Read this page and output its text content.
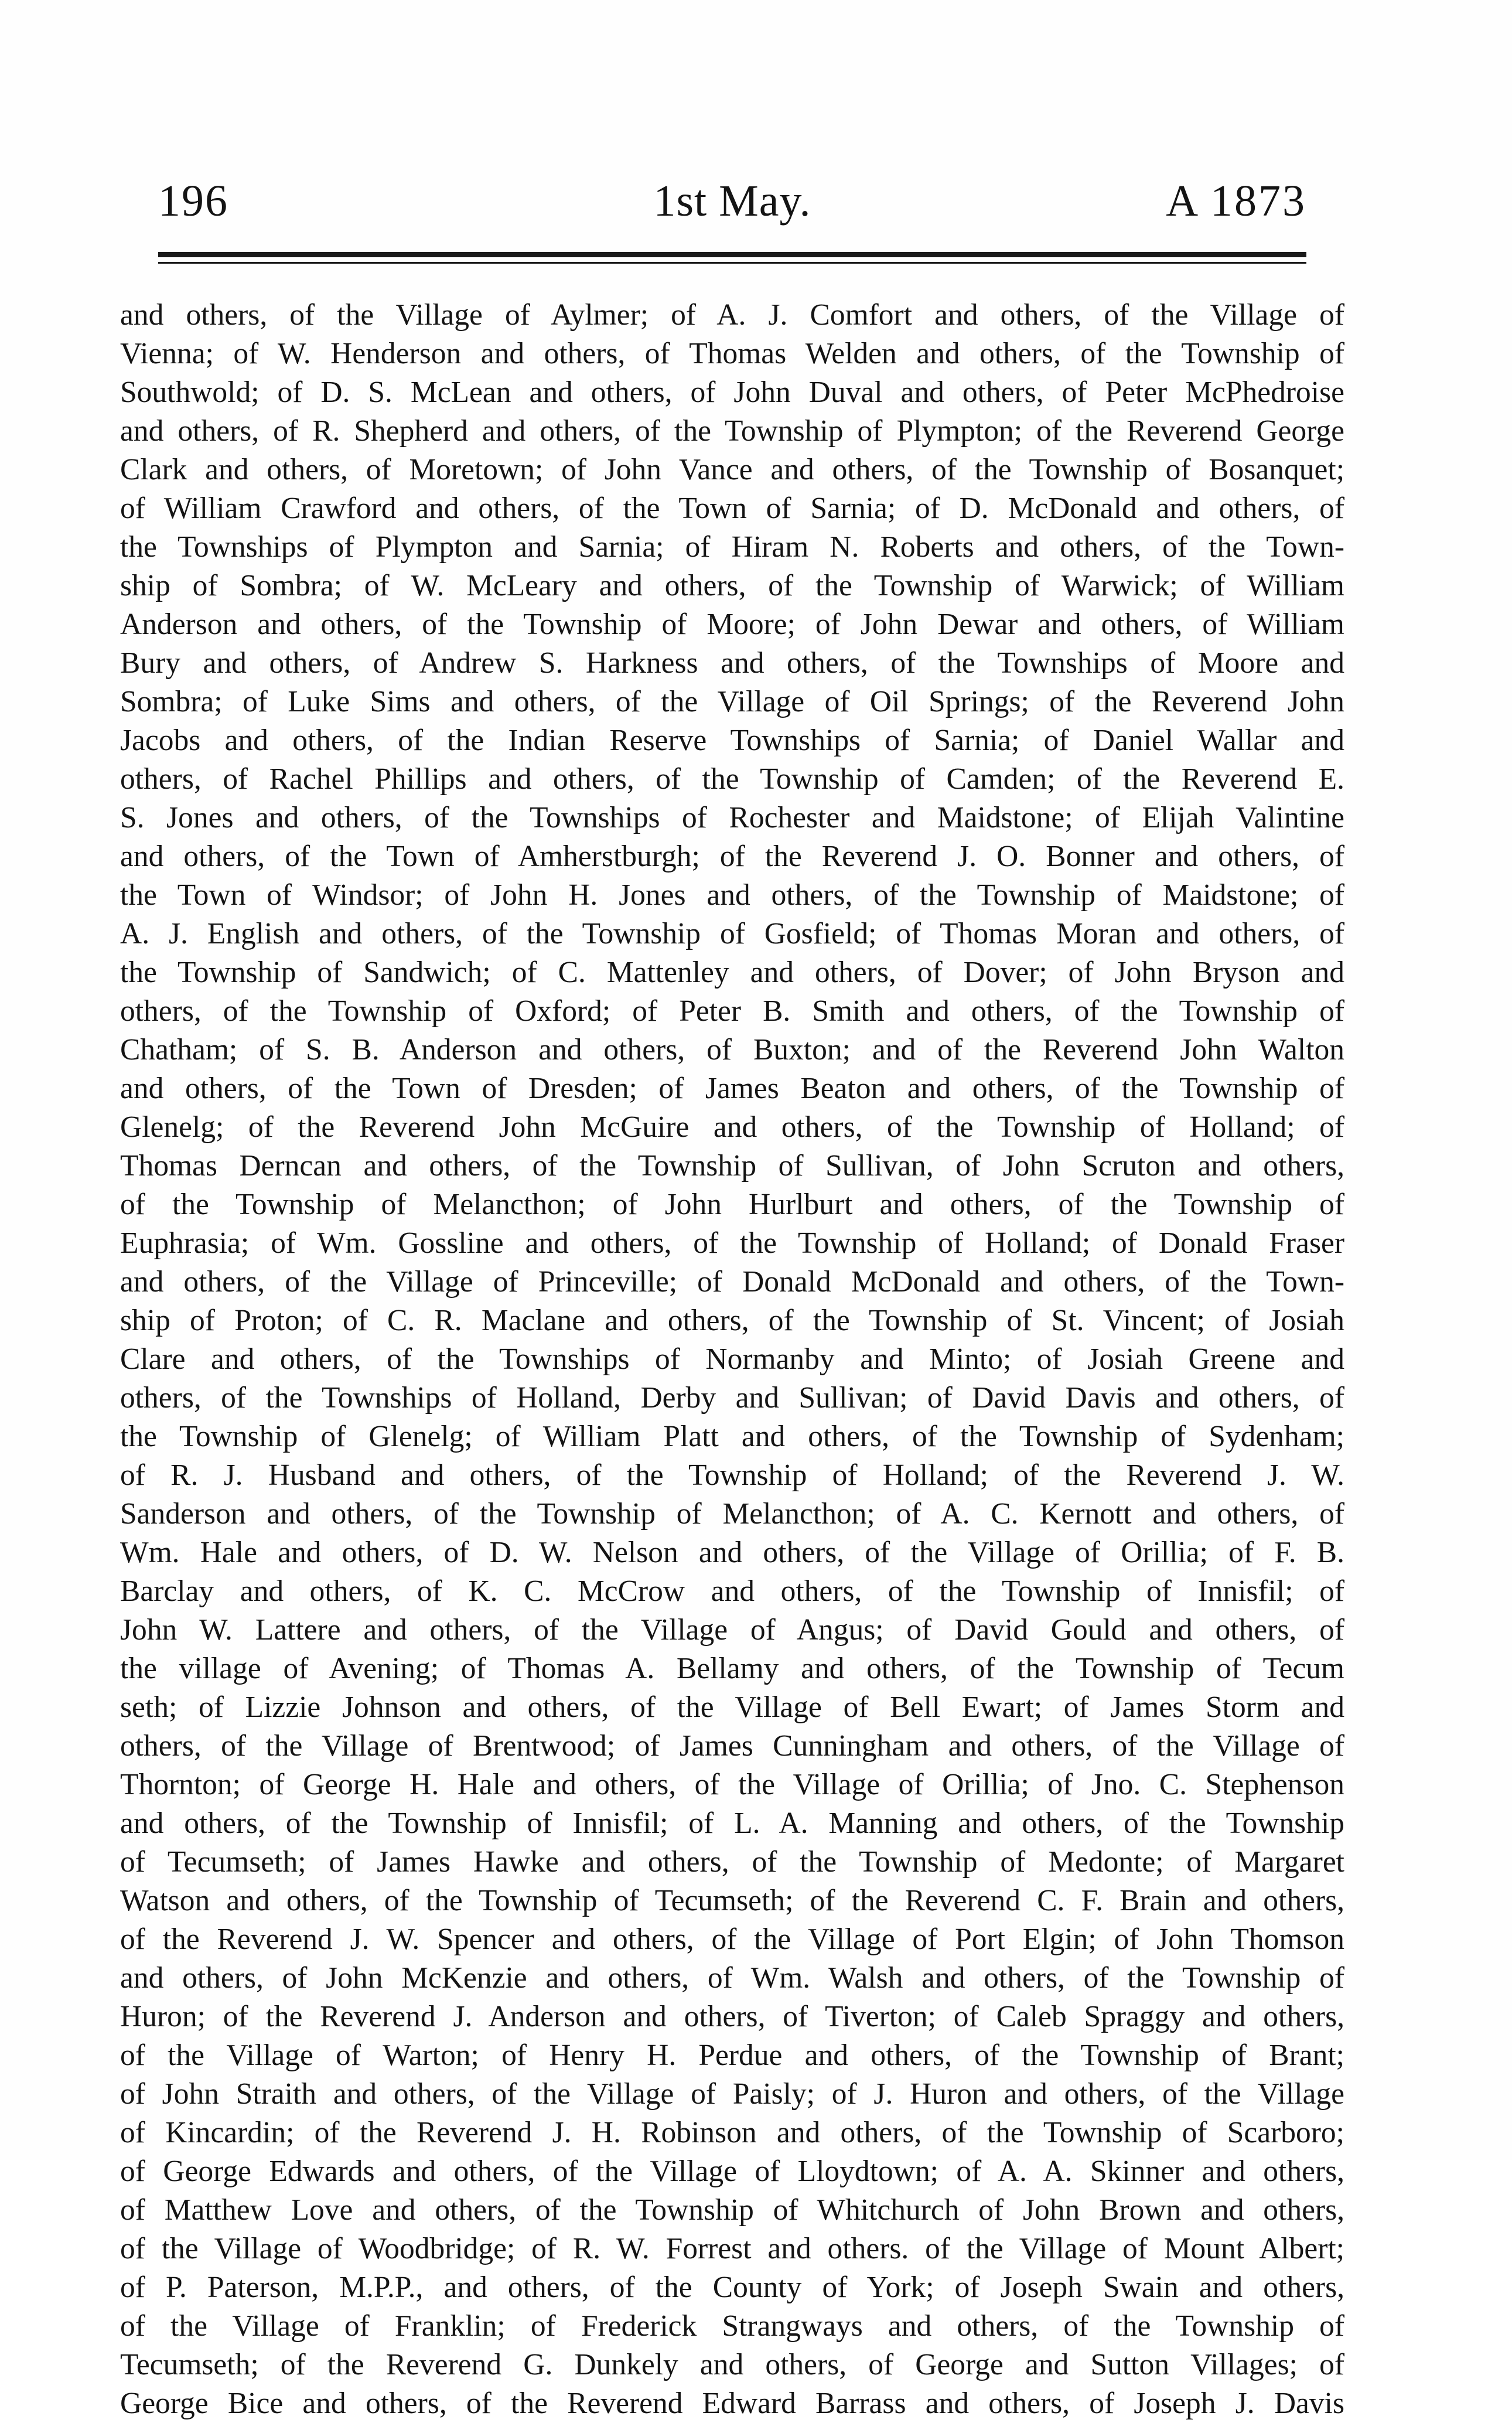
196	1st May.	A 1873
and others, of the Village of Aylmer; of A. J. Comfort and others, of the Village of
Vienna; of W. Henderson and others, of Thomas Welden and others, of the Township of
Southwold; of D. S. McLean and others, of John Duval and others, of Peter McPhedroise
and others, of R. Shepherd and others, of the Township of Plympton; of the Reverend George
Clark and others, of Moretown; of John Vance and others, of the Township of Bosanquet;
of William Crawford and others, of the Town of Sarnia; of D. McDonald and others, of
the Townships of Plympton and Sarnia; of Hiram N. Roberts and others, of the Town-
ship of Sombra; of W. McLeary and others, of the Township of Warwick; of William
Anderson and others, of the Township of Moore; of John Dewar and others, of William
Bury and others, of Andrew S. Harkness and others, of the Townships of Moore and
Sombra; of Luke Sims and others, of the Village of Oil Springs; of the Reverend John
Jacobs and others, of the Indian Reserve Townships of Sarnia; of Daniel Wallar and
others, of Rachel Phillips and others, of the Township of Camden; of the Reverend E.
S. Jones and others, of the Townships of Rochester and Maidstone; of Elijah Valintine
and others, of the Town of Amherstburgh; of the Reverend J. O. Bonner and others, of
the Town of Windsor; of John H. Jones and others, of the Township of Maidstone; of
A. J. English and others, of the Township of Gosfield; of Thomas Moran and others, of
the Township of Sandwich; of C. Mattenley and others, of Dover; of John Bryson and
others, of the Township of Oxford; of Peter B. Smith and others, of the Township of
Chatham; of S. B. Anderson and others, of Buxton; and of the Reverend John Walton
and others, of the Town of Dresden; of James Beaton and others, of the Township of
Glenelg; of the Reverend John McGuire and others, of the Township of Holland; of
Thomas Derncan and others, of the Township of Sullivan, of John Scruton and others,
of the Township of Melancthon; of John Hurlburt and others, of the Township of
Euphrasia; of Wm. Gossline and others, of the Township of Holland; of Donald Fraser
and others, of the Village of Princeville; of Donald McDonald and others, of the Town-
ship of Proton; of C. R. Maclane and others, of the Township of St. Vincent; of Josiah
Clare and others, of the Townships of Normanby and Minto; of Josiah Greene and
others, of the Townships of Holland, Derby and Sullivan; of David Davis and others, of
the Township of Glenelg; of William Platt and others, of the Township of Sydenham;
of R. J. Husband and others, of the Township of Holland; of the Reverend J. W.
Sanderson and others, of the Township of Melancthon; of A. C. Kernott and others, of
Wm. Hale and others, of D. W. Nelson and others, of the Village of Orillia; of F. B.
Barclay and others, of K. C. McCrow and others, of the Township of Innisfil; of
John W. Lattere and others, of the Village of Angus; of David Gould and others, of
the village of Avening; of Thomas A. Bellamy and others, of the Township of Tecum
seth; of Lizzie Johnson and others, of the Village of Bell Ewart; of James Storm and
others, of the Village of Brentwood; of James Cunningham and others, of the Village of
Thornton; of George H. Hale and others, of the Village of Orillia; of Jno. C. Stephenson
and others, of the Township of Innisfil; of L. A. Manning and others, of the Township
of Tecumseth; of James Hawke and others, of the Township of Medonte; of Margaret
Watson and others, of the Township of Tecumseth; of the Reverend C. F. Brain and others,
of the Reverend J. W. Spencer and others, of the Village of Port Elgin; of John Thomson
and others, of John McKenzie and others, of Wm. Walsh and others, of the Township of
Huron; of the Reverend J. Anderson and others, of Tiverton; of Caleb Spraggy and others,
of the Village of Warton; of Henry H. Perdue and others, of the Township of Brant;
of John Straith and others, of the Village of Paisly; of J. Huron and others, of the Village
of Kincardin; of the Reverend J. H. Robinson and others, of the Township of Scarboro;
of George Edwards and others, of the Village of Lloydtown; of A. A. Skinner and others,
of Matthew Love and others, of the Township of Whitchurch of John Brown and others,
of the Village of Woodbridge; of R. W. Forrest and others. of the Village of Mount Albert;
of P. Paterson, M.P.P., and others, of the County of York; of Joseph Swain and others,
of the Village of Franklin; of Frederick Strangways and others, of the Township of
Tecumseth; of the Reverend G. Dunkely and others, of George and Sutton Villages; of
George Bice and others, of the Reverend Edward Barrass and others, of Joseph J. Davis
